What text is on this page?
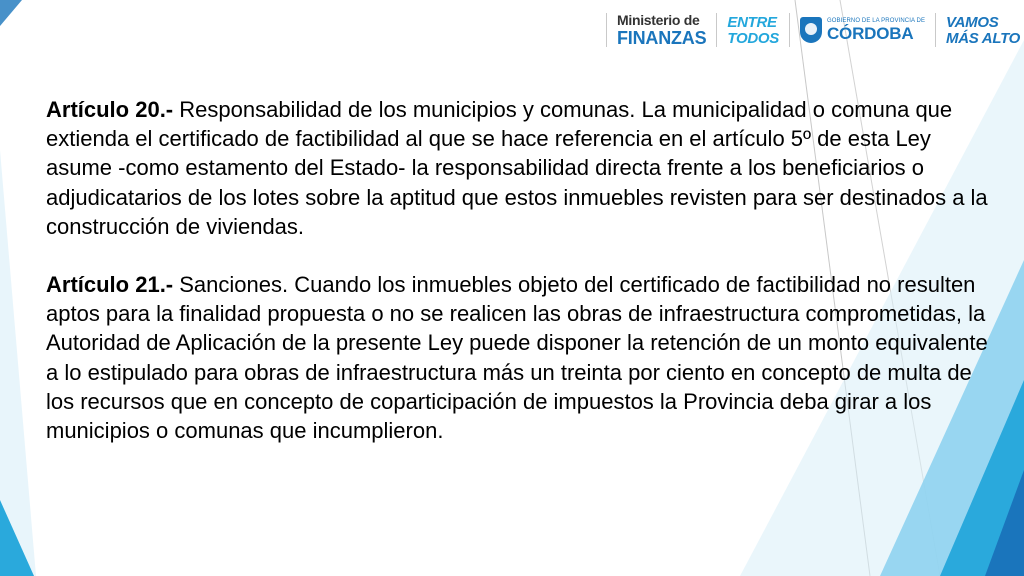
Ministerio de
FINANZAS
ENTRE
TODOS
GOBIERNO DE LA PROVINCIA DE
CÓRDOBA
VAMOS
MÁS ALTO

Artículo 20.- Responsabilidad de los municipios y comunas. La municipalidad o comuna que extienda el certificado de factibilidad al que se hace referencia en el artículo 5º de esta Ley asume -como estamento del Estado- la responsabilidad directa frente a los beneficiarios o adjudicatarios de los lotes sobre la aptitud que estos inmuebles revisten para ser destinados a la construcción de viviendas.

Artículo 21.- Sanciones. Cuando los inmuebles objeto del certificado de factibilidad no resulten aptos para la finalidad propuesta o no se realicen las obras de infraestructura comprometidas, la Autoridad de Aplicación de la presente Ley puede disponer la retención de un monto equivalente a lo estipulado para obras de infraestructura más un treinta por ciento en concepto de multa de los recursos que en concepto de coparticipación de impuestos la Provincia deba girar a los municipios o comunas que incumplieron.
